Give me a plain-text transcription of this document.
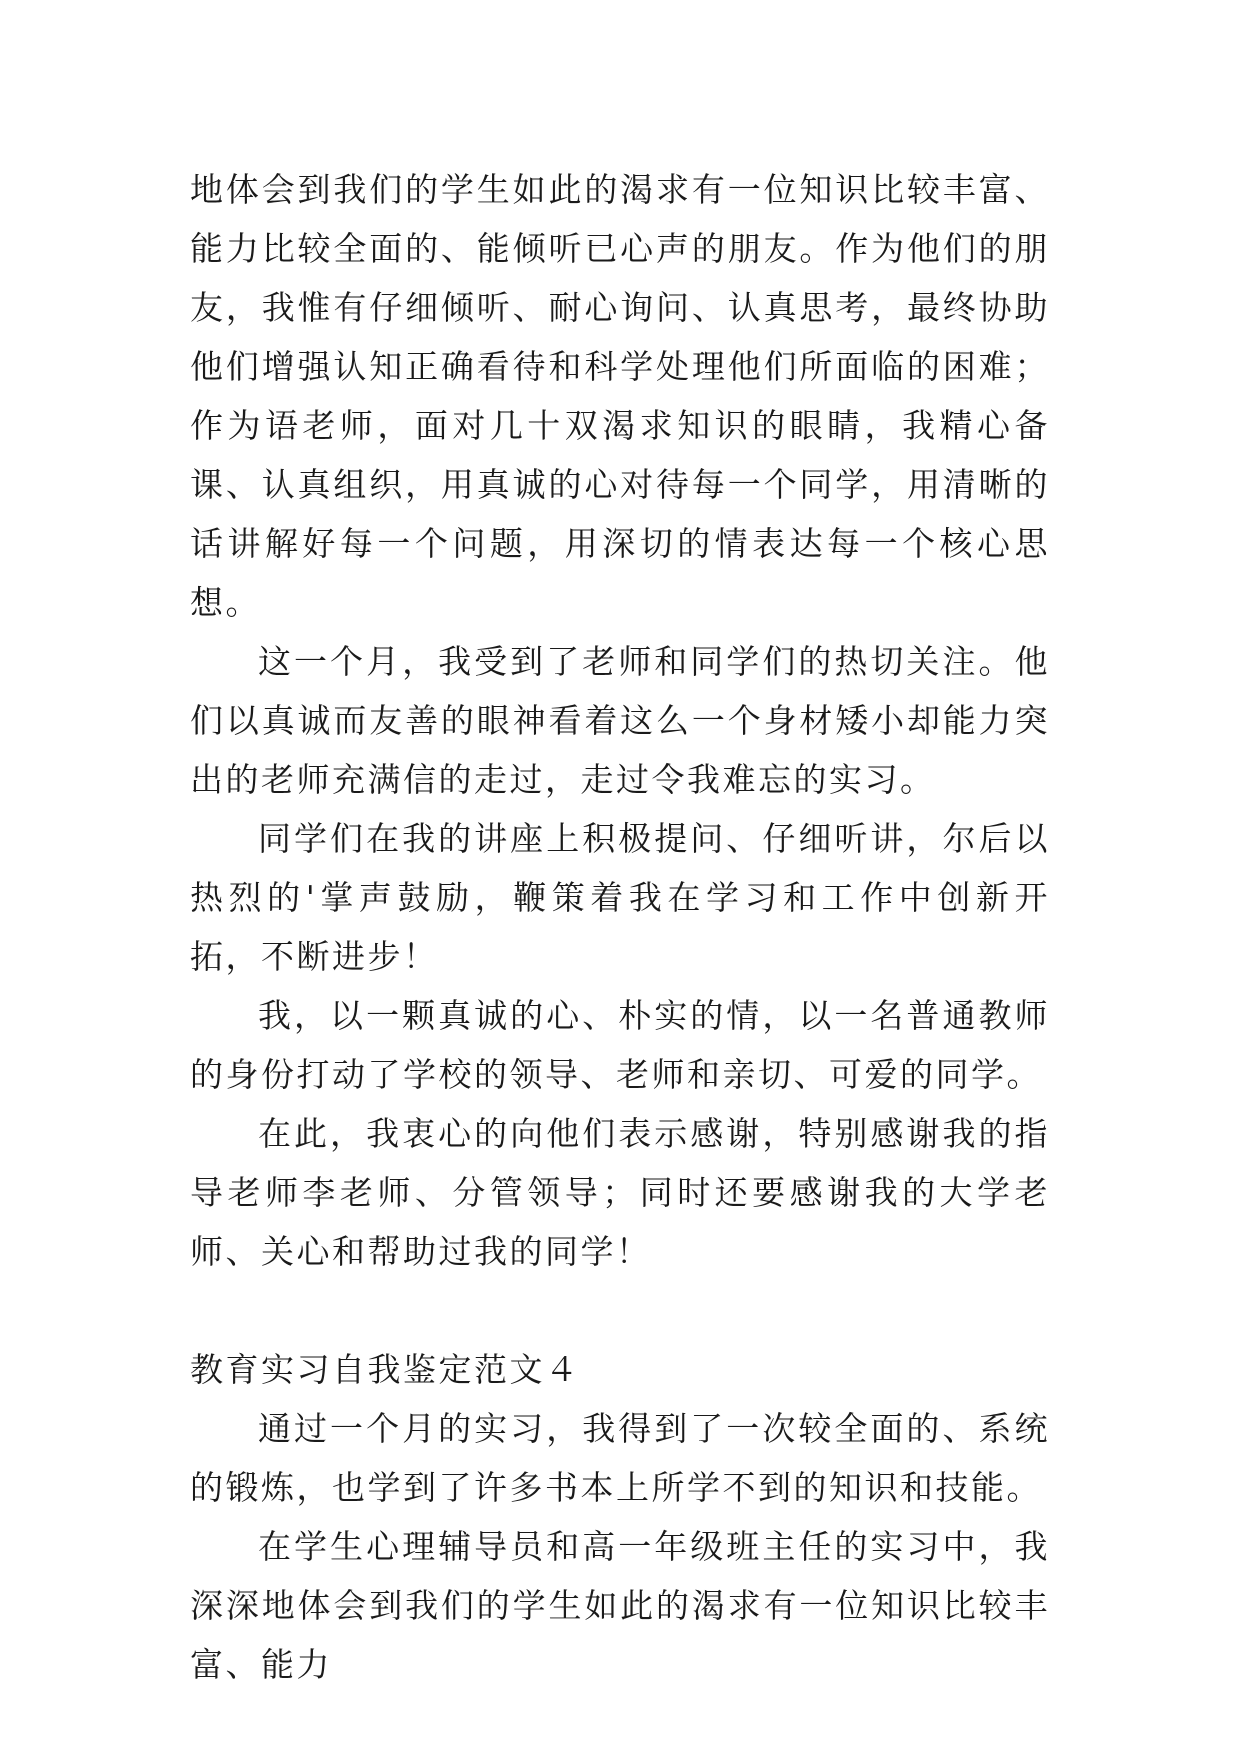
地体会到我们的学生如此的渴求有一位知识比较丰富、能力比较全面的、能倾听已心声的朋友。作为他们的朋友，我惟有仔细倾听、耐心询问、认真思考，最终协助他们增强认知正确看待和科学处理他们所面临的困难；作为语老师，面对几十双渴求知识的眼睛，我精心备课、认真组织，用真诚的心对待每一个同学，用清晰的话讲解好每一个问题，用深切的情表达每一个核心思想。

这一个月，我受到了老师和同学们的热切关注。他们以真诚而友善的眼神看着这么一个身材矮小却能力突出的老师充满信的走过，走过令我难忘的实习。

同学们在我的讲座上积极提问、仔细听讲，尔后以热烈的'掌声鼓励，鞭策着我在学习和工作中创新开拓，不断进步！

我，以一颗真诚的心、朴实的情，以一名普通教师的身份打动了学校的领导、老师和亲切、可爱的同学。

在此，我衷心的向他们表示感谢，特别感谢我的指导老师李老师、分管领导；同时还要感谢我的大学老师、关心和帮助过我的同学！

教育实习自我鉴定范文４

通过一个月的实习，我得到了一次较全面的、系统的锻炼，也学到了许多书本上所学不到的知识和技能。

在学生心理辅导员和高一年级班主任的实习中，我深深地体会到我们的学生如此的渴求有一位知识比较丰富、能力
